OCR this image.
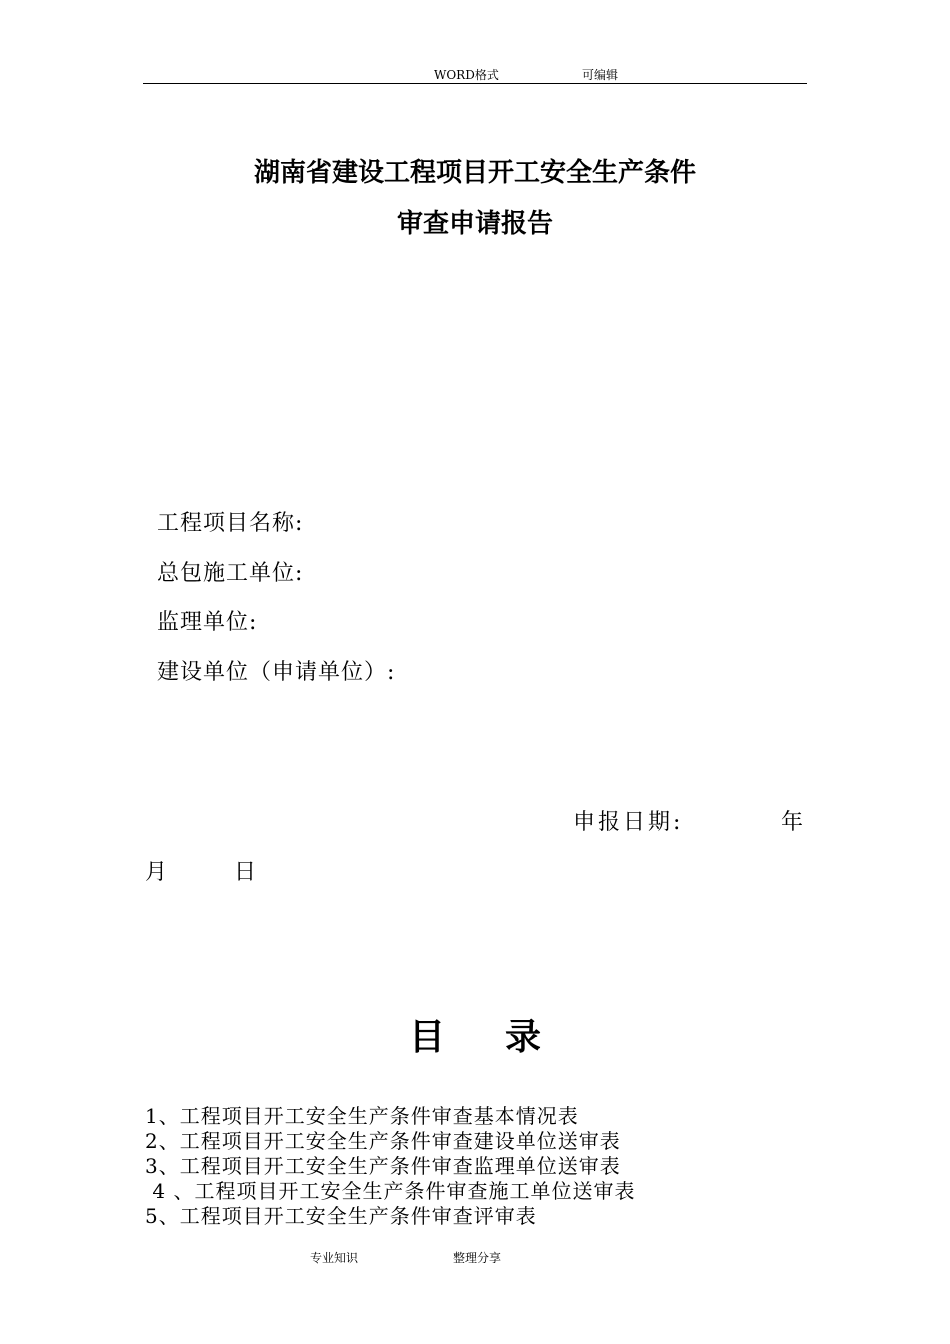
WORD格式	可编辑
湖南省建设工程项目开工安全生产条件
审查申请报告
工程项目名称:
总包施工单位:
监理单位:
建设单位（申请单位）:
申报日期:	年
月	日
目 录
1、工程项目开工安全生产条件审查基本情况表
2、工程项目开工安全生产条件审查建设单位送审表
3、工程项目开工安全生产条件审查监理单位送审表
4 、工程项目开工安全生产条件审查施工单位送审表
5、工程项目开工安全生产条件审查评审表
专业知识	整理分享
